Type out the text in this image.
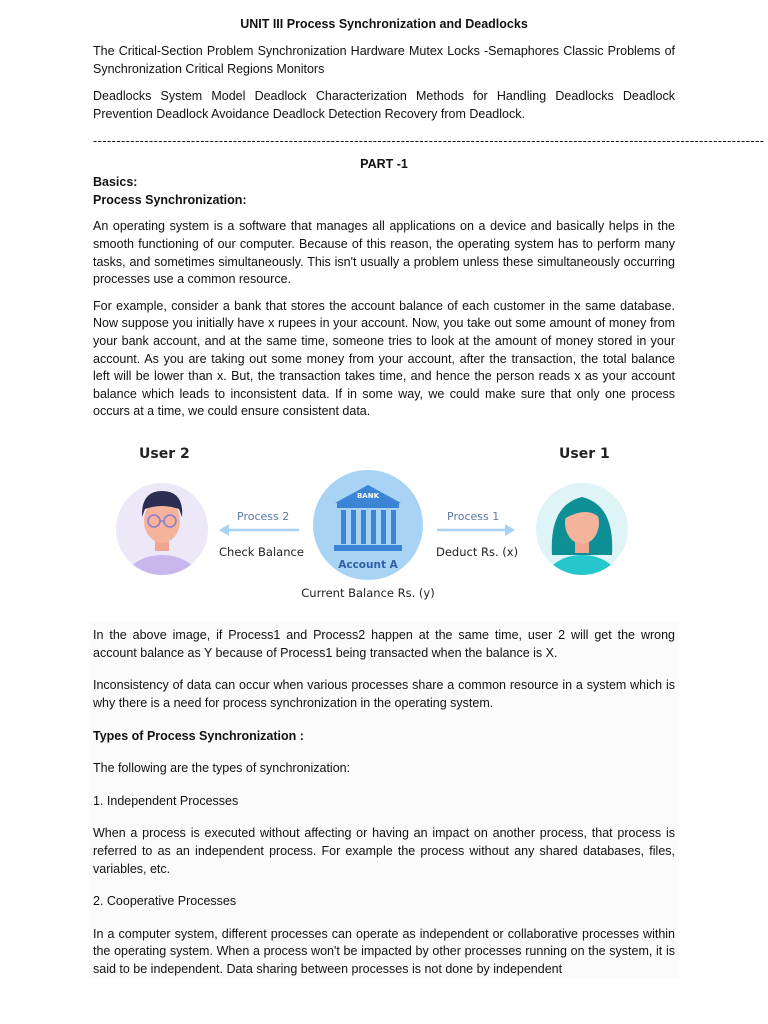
UNIT III Process Synchronization and Deadlocks

The Critical-Section Problem Synchronization Hardware Mutex Locks -Semaphores Classic Problems of Synchronization Critical Regions Monitors

Deadlocks System Model Deadlock Characterization Methods for Handling Deadlocks Deadlock Prevention Deadlock Avoidance Deadlock Detection Recovery from Deadlock.

------------------------------------------------------------------------------------------------------------------------------------------------
PART -1
Basics:
Process Synchronization:

An operating system is a software that manages all applications on a device and basically helps in the smooth functioning of our computer. Because of this reason, the operating system has to perform many tasks, and sometimes simultaneously. This isn't usually a problem unless these simultaneously occurring processes use a common resource.

For example, consider a bank that stores the account balance of each customer in the same database. Now suppose you initially have x rupees in your account. Now, you take out some amount of money from your bank account, and at the same time, someone tries to look at the amount of money stored in your account. As you are taking out some money from your account, after the transaction, the total balance left will be lower than x. But, the transaction takes time, and hence the person reads x as your account balance which leads to inconsistent data. If in some way, we could make sure that only one process occurs at a time, we could ensure consistent data.

User 2	User 1
Process 2
Check Balance
Process 1
Deduct Rs. (x)
BANK
Account A
Current Balance Rs. (y)

In the above image, if Process1 and Process2 happen at the same time, user 2 will get the wrong account balance as Y because of Process1 being transacted when the balance is X.

Inconsistency of data can occur when various processes share a common resource in a system which is why there is a need for process synchronization in the operating system.

Types of Process Synchronization :

The following are the types of synchronization:

1. Independent Processes

When a process is executed without affecting or having an impact on another process, that process is referred to as an independent process. For example the process without any shared databases, files, variables, etc.

2. Cooperative Processes

In a computer system, different processes can operate as independent or collaborative processes within the operating system. When a process won't be impacted by other processes running on the system, it is said to be independent. Data sharing between processes is not done by independent
